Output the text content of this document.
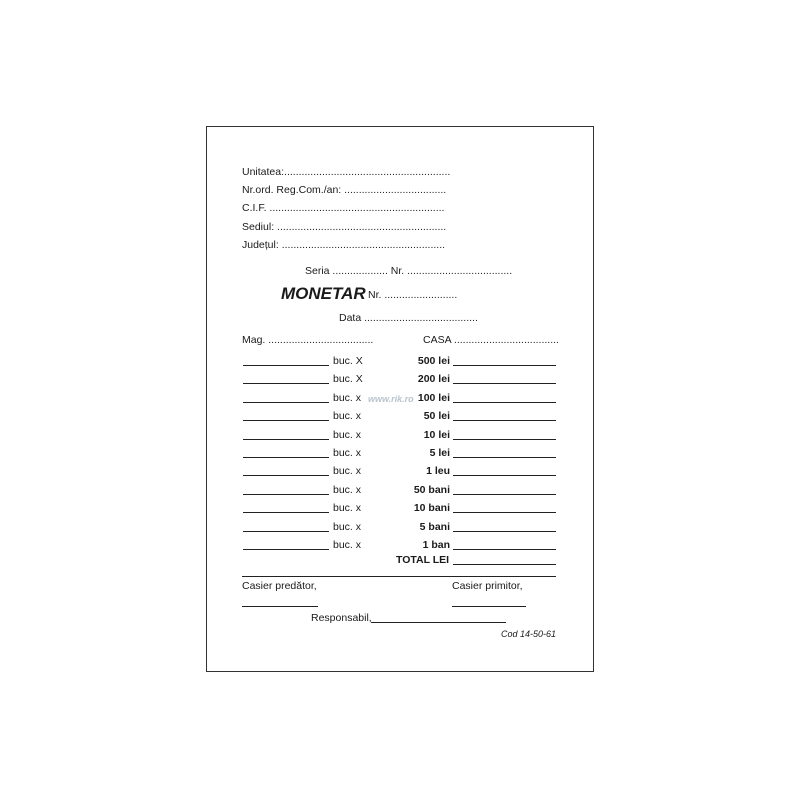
Unitatea:.........................................................
Nr.ord. Reg.Com./an: ...................................
C.I.F. ............................................................
Sediul: ..........................................................
Județul: ........................................................
Seria ................... Nr. ....................................
MONETAR Nr. .........................
Data .......................................
Mag. ....................................	CASA ....................................
www.rik.ro
buc. X	500 lei
buc. X	200 lei
buc. x	100 lei
buc. x	50 lei
buc. x	10 lei
buc. x	5 lei
buc. x	1 leu
buc. x	50 bani
buc. x	10 bani
buc. x	5 bani
buc. x	1 ban
TOTAL LEI
Casier predător,	Casier primitor,
Responsabil,
Cod 14-50-61
